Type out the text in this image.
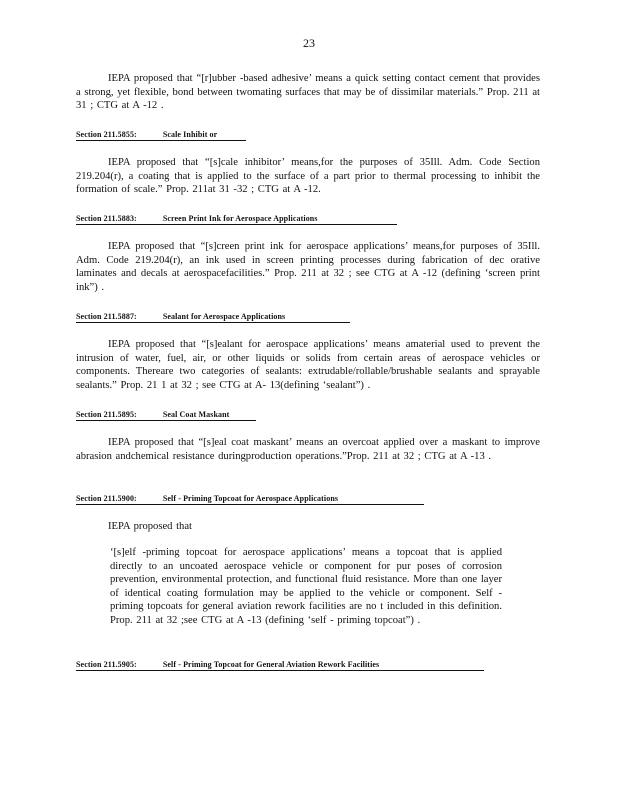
23
IEPA proposed that “[r]ubber -based adhesive’ means a quick setting contact cement that provides a strong, yet flexible, bond between twomating surfaces that may be of dissimilar materials.” Prop. 211 at 31 ; CTG at A -12 .
Section 211.5855:	Scale Inhibit or
IEPA proposed that “[s]cale inhibitor’ means,for the purposes of 35Ill. Adm. Code Section 219.204(r), a coating that is applied to the surface of a part prior to thermal processing to inhibit the formation of scale.” Prop. 211at 31 -32 ; CTG at A -12.
Section 211.5883:	Screen Print Ink for Aerospace Applications
IEPA proposed that “[s]creen print ink for aerospace applications’ means,for purposes of 35Ill. Adm. Code 219.204(r), an ink used in screen printing processes during fabrication of dec orative laminates and decals at aerospacefacilities.” Prop. 211 at 32 ; see CTG at A -12 (defining ‘screen print ink”) .
Section 211.5887:	Sealant for Aerospace Applications
IEPA proposed that “[s]ealant for aerospace applications’ means amaterial used to prevent the intrusion of water, fuel, air, or other liquids or solids from certain areas of aerospace vehicles or components. Thereare two categories of sealants: extrudable/rollable/brushable sealants and sprayable sealants.” Prop. 21 1 at 32 ; see CTG at A- 13(defining ‘sealant”) .
Section 211.5895:	Seal Coat Maskant
IEPA proposed that “[s]eal coat maskant’ means an overcoat applied over a maskant to improve abrasion andchemical resistance duringproduction operations.”Prop. 211 at 32 ; CTG at A -13 .
Section 211.5900:	Self - Priming Topcoat for Aerospace Applications
IEPA proposed that
‘[s]elf -priming topcoat for aerospace applications’ means a topcoat that is applied directly to an uncoated aerospace vehicle or component for pur poses of corrosion prevention, environmental protection, and functional fluid resistance. More than one layer of identical coating formulation may be applied to the vehicle or component. Self -priming topcoats for general aviation rework facilities are no t included in this definition. Prop. 211 at 32 ;see CTG at A -13 (defining ‘self - priming topcoat”) .
Section 211.5905:	Self - Priming Topcoat for General Aviation Rework Facilities
